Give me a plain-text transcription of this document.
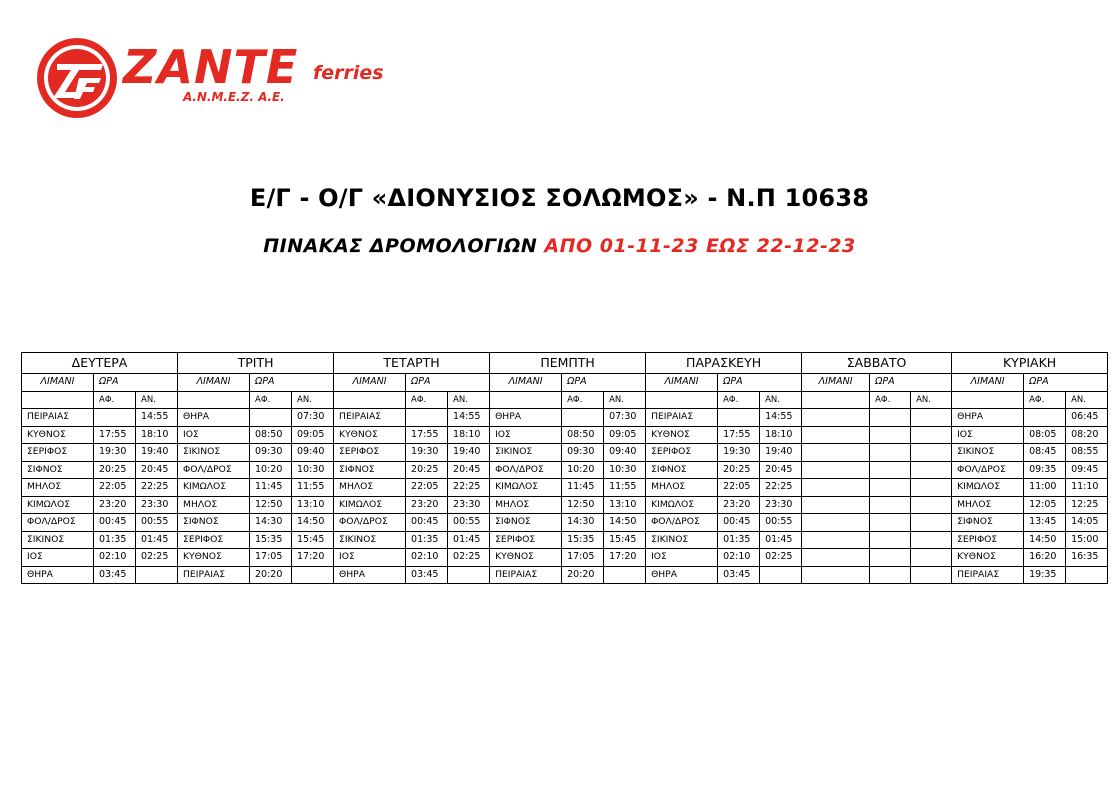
ZANTE ferries
Α.Ν.Μ.Ε.Ζ. Α.Ε.
Ε/Γ - Ο/Γ «ΔΙΟΝΥΣΙΟΣ ΣΟΛΩΜΟΣ» - Ν.Π 10638
ΠΙΝΑΚΑΣ ΔΡΟΜΟΛΟΓΙΩΝ ΑΠΟ 01-11-23 ΕΩΣ 22-12-23
ΔΕΥΤΕΡΑ			ΤΡΙΤΗ			ΤΕΤΑΡΤΗ			ΠΕΜΠΤΗ			ΠΑΡΑΣΚΕΥΗ			ΣΑΒΒΑΤΟ			ΚΥΡΙΑΚΗ		
ΛΙΜΑΝΙ	ΩΡΑ		ΛΙΜΑΝΙ	ΩΡΑ		ΛΙΜΑΝΙ	ΩΡΑ		ΛΙΜΑΝΙ	ΩΡΑ		ΛΙΜΑΝΙ	ΩΡΑ		ΛΙΜΑΝΙ	ΩΡΑ		ΛΙΜΑΝΙ	ΩΡΑ	
	ΑΦ.	ΑΝ.		ΑΦ.	ΑΝ.		ΑΦ.	ΑΝ.		ΑΦ.	ΑΝ.		ΑΦ.	ΑΝ.		ΑΦ.	ΑΝ.		ΑΦ.	ΑΝ.
ΠΕΙΡΑΙΑΣ		14:55	ΘΗΡΑ		07:30	ΠΕΙΡΑΙΑΣ		14:55	ΘΗΡΑ		07:30	ΠΕΙΡΑΙΑΣ		14:55				ΘΗΡΑ		06:45
ΚΥΘΝΟΣ	17:55	18:10	ΙΟΣ	08:50	09:05	ΚΥΘΝΟΣ	17:55	18:10	ΙΟΣ	08:50	09:05	ΚΥΘΝΟΣ	17:55	18:10				ΙΟΣ	08:05	08:20
ΣΕΡΙΦΟΣ	19:30	19:40	ΣΙΚΙΝΟΣ	09:30	09:40	ΣΕΡΙΦΟΣ	19:30	19:40	ΣΙΚΙΝΟΣ	09:30	09:40	ΣΕΡΙΦΟΣ	19:30	19:40				ΣΙΚΙΝΟΣ	08:45	08:55
ΣΙΦΝΟΣ	20:25	20:45	ΦΟΛ/ΔΡΟΣ	10:20	10:30	ΣΙΦΝΟΣ	20:25	20:45	ΦΟΛ/ΔΡΟΣ	10:20	10:30	ΣΙΦΝΟΣ	20:25	20:45				ΦΟΛ/ΔΡΟΣ	09:35	09:45
ΜΗΛΟΣ	22:05	22:25	ΚΙΜΩΛΟΣ	11:45	11:55	ΜΗΛΟΣ	22:05	22:25	ΚΙΜΩΛΟΣ	11:45	11:55	ΜΗΛΟΣ	22:05	22:25				ΚΙΜΩΛΟΣ	11:00	11:10
ΚΙΜΩΛΟΣ	23:20	23:30	ΜΗΛΟΣ	12:50	13:10	ΚΙΜΩΛΟΣ	23:20	23:30	ΜΗΛΟΣ	12:50	13:10	ΚΙΜΩΛΟΣ	23:20	23:30				ΜΗΛΟΣ	12:05	12:25
ΦΟΛ/ΔΡΟΣ	00:45	00:55	ΣΙΦΝΟΣ	14:30	14:50	ΦΟΛ/ΔΡΟΣ	00:45	00:55	ΣΙΦΝΟΣ	14:30	14:50	ΦΟΛ/ΔΡΟΣ	00:45	00:55				ΣΙΦΝΟΣ	13:45	14:05
ΣΙΚΙΝΟΣ	01:35	01:45	ΣΕΡΙΦΟΣ	15:35	15:45	ΣΙΚΙΝΟΣ	01:35	01:45	ΣΕΡΙΦΟΣ	15:35	15:45	ΣΙΚΙΝΟΣ	01:35	01:45				ΣΕΡΙΦΟΣ	14:50	15:00
ΙΟΣ	02:10	02:25	ΚΥΘΝΟΣ	17:05	17:20	ΙΟΣ	02:10	02:25	ΚΥΘΝΟΣ	17:05	17:20	ΙΟΣ	02:10	02:25				ΚΥΘΝΟΣ	16:20	16:35
ΘΗΡΑ	03:45		ΠΕΙΡΑΙΑΣ	20:20		ΘΗΡΑ	03:45		ΠΕΙΡΑΙΑΣ	20:20		ΘΗΡΑ	03:45					ΠΕΙΡΑΙΑΣ	19:35	
